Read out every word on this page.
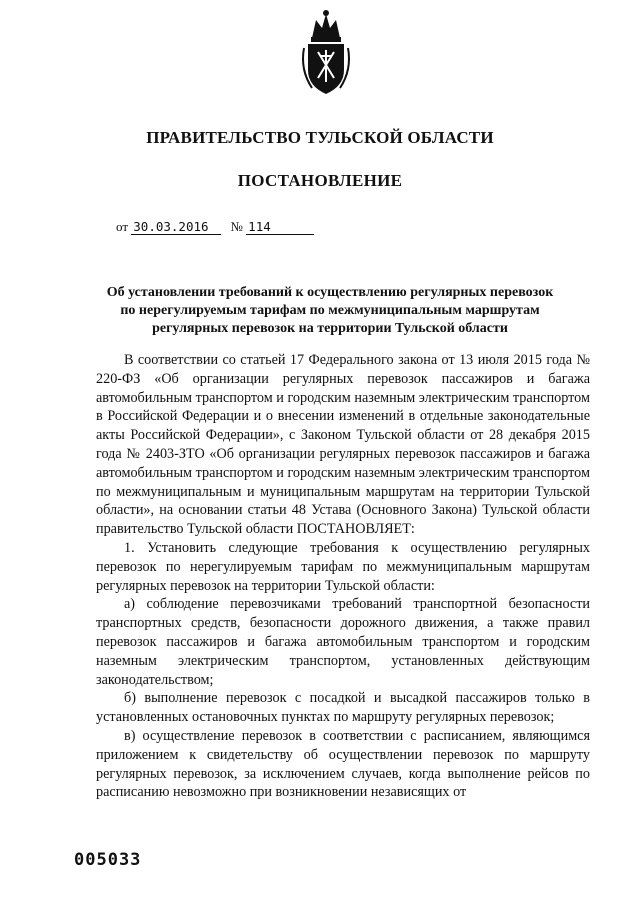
ПРАВИТЕЛЬСТВО ТУЛЬСКОЙ ОБЛАСТИ
ПОСТАНОВЛЕНИЕ
от 30.03.2016 № 114
Об установлении требований к осуществлению регулярных перевозок
по нерегулируемым тарифам по межмуниципальным маршрутам
регулярных перевозок на территории Тульской области

В соответствии со статьей 17 Федерального закона от 13 июля 2015 года № 220-ФЗ «Об организации регулярных перевозок пассажиров и багажа автомобильным транспортом и городским наземным электрическим транспортом в Российской Федерации и о внесении изменений в отдельные законодательные акты Российской Федерации», с Законом Тульской области от 28 декабря 2015 года № 2403-ЗТО «Об организации регулярных перевозок пассажиров и багажа автомобильным транспортом и городским наземным электрическим транспортом по межмуниципальным и муниципальным маршрутам на территории Тульской области», на основании статьи 48 Устава (Основного Закона) Тульской области правительство Тульской области ПОСТАНОВЛЯЕТ:

1. Установить следующие требования к осуществлению регулярных перевозок по нерегулируемым тарифам по межмуниципальным маршрутам регулярных перевозок на территории Тульской области:

а) соблюдение перевозчиками требований транспортной безопасности транспортных средств, безопасности дорожного движения, а также правил перевозок пассажиров и багажа автомобильным транспортом и городским наземным электрическим транспортом, установленных действующим законодательством;

б) выполнение перевозок с посадкой и высадкой пассажиров только в установленных остановочных пунктах по маршруту регулярных перевозок;

в) осуществление перевозок в соответствии с расписанием, являющимся приложением к свидетельству об осуществлении перевозок по маршруту регулярных перевозок, за исключением случаев, когда выполнение рейсов по расписанию невозможно при возникновении независящих от

005033
